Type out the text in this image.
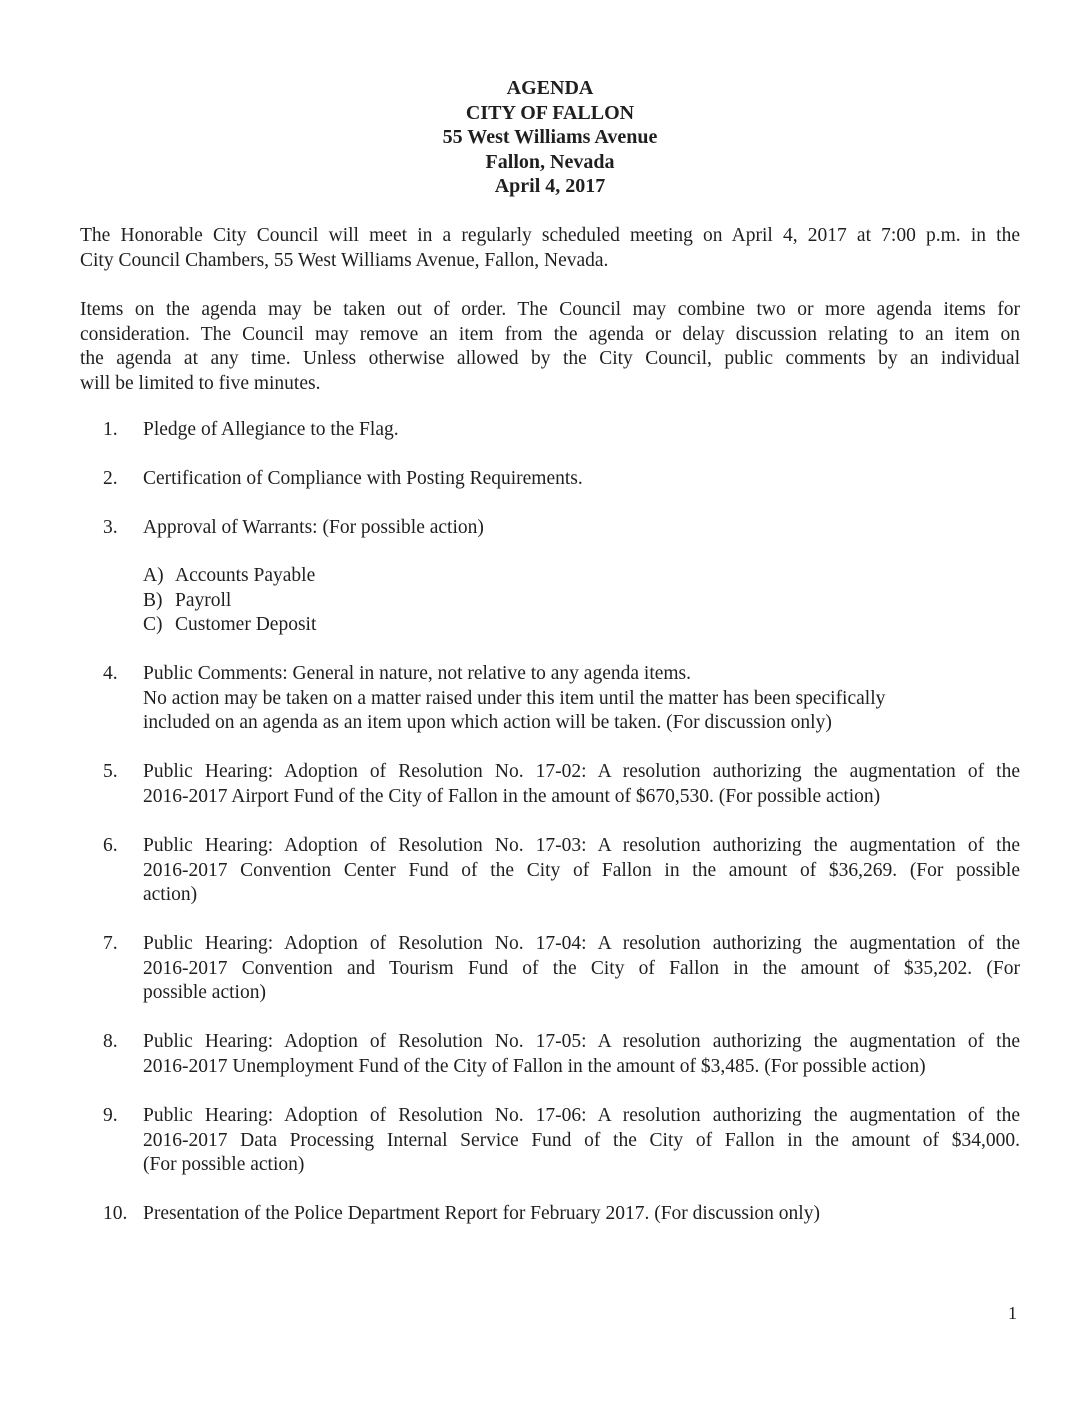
AGENDA
CITY OF FALLON
55 West Williams Avenue
Fallon, Nevada
April 4, 2017
The Honorable City Council will meet in a regularly scheduled meeting on April 4, 2017 at 7:00 p.m. in the
City Council Chambers, 55 West Williams Avenue, Fallon, Nevada.
Items on the agenda may be taken out of order. The Council may combine two or more agenda items for
consideration. The Council may remove an item from the agenda or delay discussion relating to an item on
the agenda at any time. Unless otherwise allowed by the City Council, public comments by an individual
will be limited to five minutes.
1.	Pledge of Allegiance to the Flag.
2.	Certification of Compliance with Posting Requirements.
3.	Approval of Warrants: (For possible action)
A) Accounts Payable
B) Payroll
C) Customer Deposit
4.	Public Comments: General in nature, not relative to any agenda items.
No action may be taken on a matter raised under this item until the matter has been specifically
included on an agenda as an item upon which action will be taken. (For discussion only)
5.	Public Hearing: Adoption of Resolution No. 17-02: A resolution authorizing the augmentation of the
2016-2017 Airport Fund of the City of Fallon in the amount of $670,530. (For possible action)
6.	Public Hearing: Adoption of Resolution No. 17-03: A resolution authorizing the augmentation of the
2016-2017 Convention Center Fund of the City of Fallon in the amount of $36,269. (For possible
action)
7.	Public Hearing: Adoption of Resolution No. 17-04: A resolution authorizing the augmentation of the
2016-2017 Convention and Tourism Fund of the City of Fallon in the amount of $35,202. (For
possible action)
8.	Public Hearing: Adoption of Resolution No. 17-05: A resolution authorizing the augmentation of the
2016-2017 Unemployment Fund of the City of Fallon in the amount of $3,485. (For possible action)
9.	Public Hearing: Adoption of Resolution No. 17-06: A resolution authorizing the augmentation of the
2016-2017 Data Processing Internal Service Fund of the City of Fallon in the amount of $34,000.
(For possible action)
10. Presentation of the Police Department Report for February 2017. (For discussion only)
1
